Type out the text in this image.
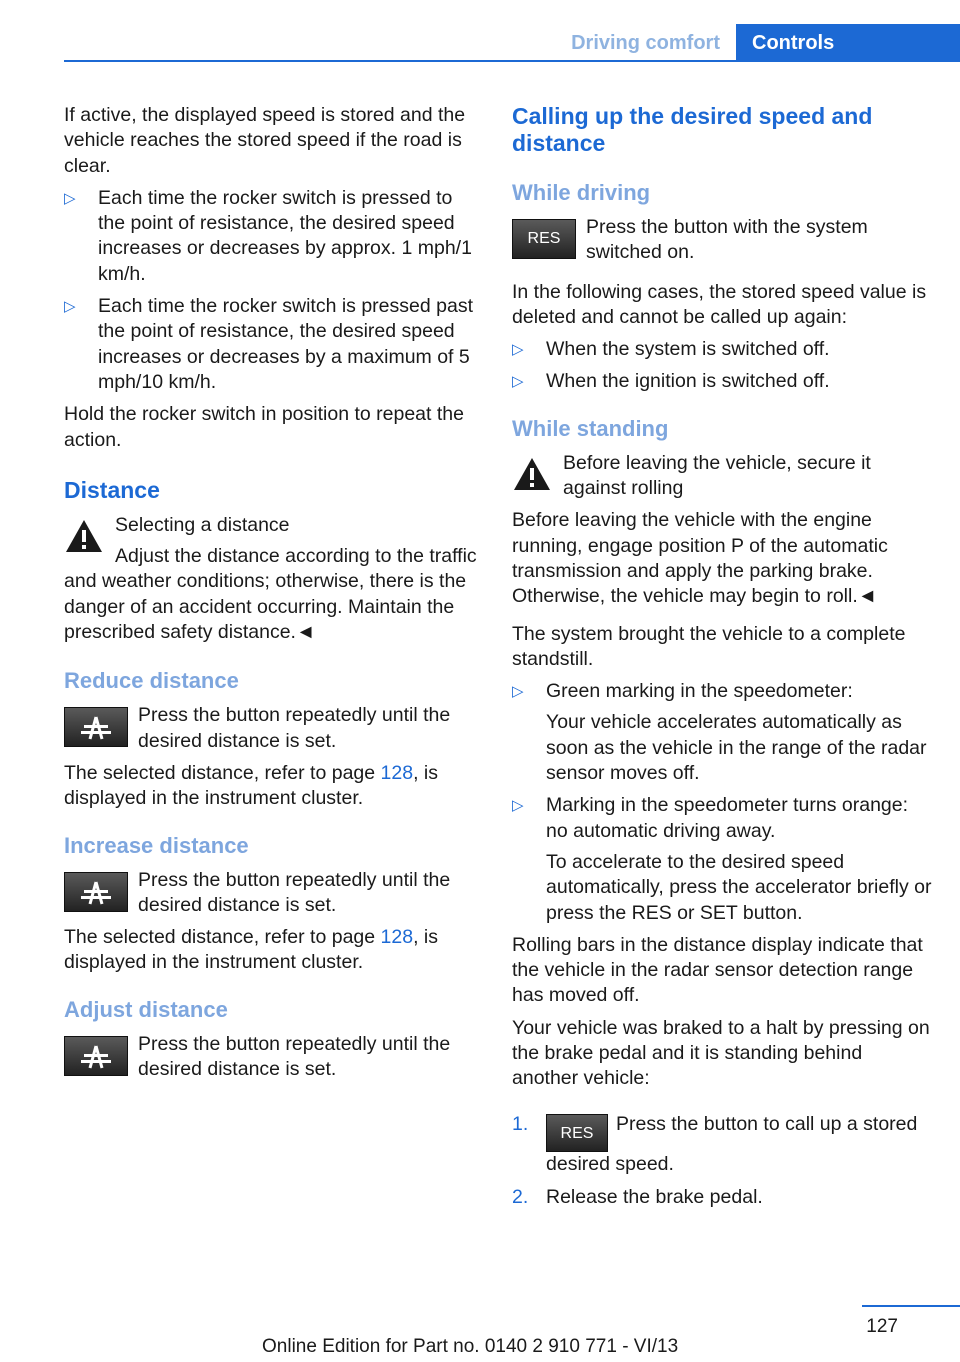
Driving comfort	Controls

If active, the displayed speed is stored and the vehicle reaches the stored speed if the road is clear.

▷ Each time the rocker switch is pressed to the point of resistance, the desired speed increases or decreases by approx. 1 mph/1 km/h.
▷ Each time the rocker switch is pressed past the point of resistance, the desired speed increases or decreases by a maximum of 5 mph/10 km/h.

Hold the rocker switch in position to repeat the action.

Distance

Selecting a distance

Adjust the distance according to the traffic and weather conditions; otherwise, there is the danger of an accident occurring. Maintain the prescribed safety distance.◄

Reduce distance

Press the button repeatedly until the desired distance is set.

The selected distance, refer to page 128, is displayed in the instrument cluster.

Increase distance

Press the button repeatedly until the desired distance is set.

The selected distance, refer to page 128, is displayed in the instrument cluster.

Adjust distance

Press the button repeatedly until the desired distance is set.

Calling up the desired speed and distance
While driving
RES

Press the button with the system switched on.

In the following cases, the stored speed value is deleted and cannot be called up again:

▷ When the system is switched off.
▷ When the ignition is switched off.
While standing

Before leaving the vehicle, secure it against rolling

Before leaving the vehicle with the engine running, engage position P of the automatic transmission and apply the parking brake. Otherwise, the vehicle may begin to roll.◄

The system brought the vehicle to a complete standstill.

▷ Green marking in the speedometer:

Your vehicle accelerates automatically as soon as the vehicle in the range of the radar sensor moves off.
▷ Marking in the speedometer turns orange: no automatic driving away.

To accelerate to the desired speed automatically, press the accelerator briefly or press the RES or SET button.

Rolling bars in the distance display indicate that the vehicle in the radar sensor detection range has moved off.

Your vehicle was braked to a halt by pressing on the brake pedal and it is standing behind another vehicle:

1. RES Press the button to call up a stored desired speed.
2. Release the brake pedal.
127
Online Edition for Part no. 0140 2 910 771 - VI/13
